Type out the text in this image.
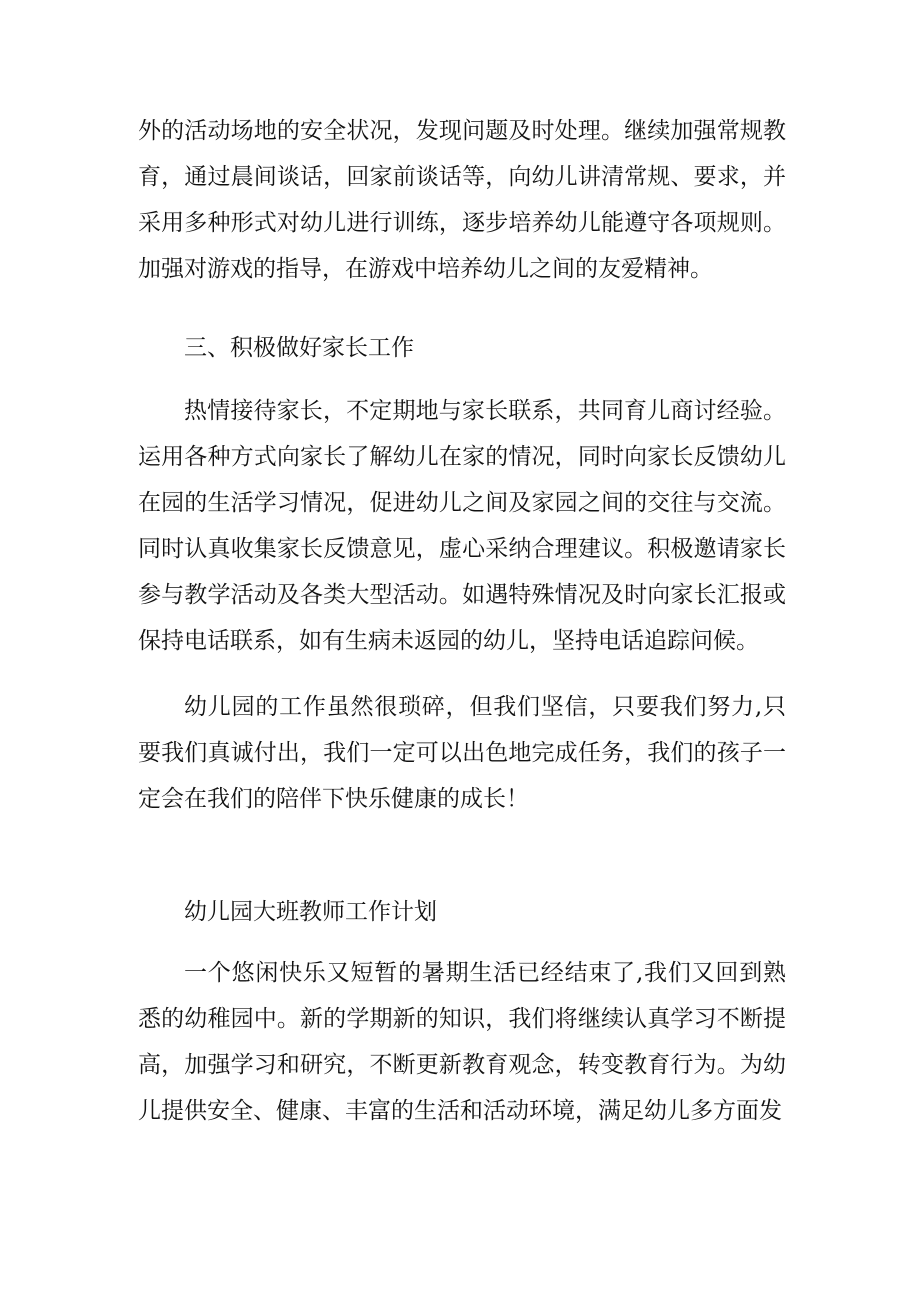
外的活动场地的安全状况，发现问题及时处理。继续加强常规教育，通过晨间谈话，回家前谈话等，向幼儿讲清常规、要求，并采用多种形式对幼儿进行训练，逐步培养幼儿能遵守各项规则。加强对游戏的指导，在游戏中培养幼儿之间的友爱精神。

三、积极做好家长工作

热情接待家长，不定期地与家长联系，共同育儿商讨经验。运用各种方式向家长了解幼儿在家的情况，同时向家长反馈幼儿在园的生活学习情况，促进幼儿之间及家园之间的交往与交流。同时认真收集家长反馈意见，虚心采纳合理建议。积极邀请家长参与教学活动及各类大型活动。如遇特殊情况及时向家长汇报或保持电话联系，如有生病未返园的幼儿，坚持电话追踪问候。

幼儿园的工作虽然很琐碎，但我们坚信，只要我们努力,只要我们真诚付出，我们一定可以出色地完成任务，我们的孩子一定会在我们的陪伴下快乐健康的成长！

幼儿园大班教师工作计划

一个悠闲快乐又短暂的暑期生活已经结束了,我们又回到熟悉的幼稚园中。新的学期新的知识，我们将继续认真学习不断提高，加强学习和研究，不断更新教育观念，转变教育行为。为幼儿提供安全、健康、丰富的生活和活动环境，满足幼儿多方面发
